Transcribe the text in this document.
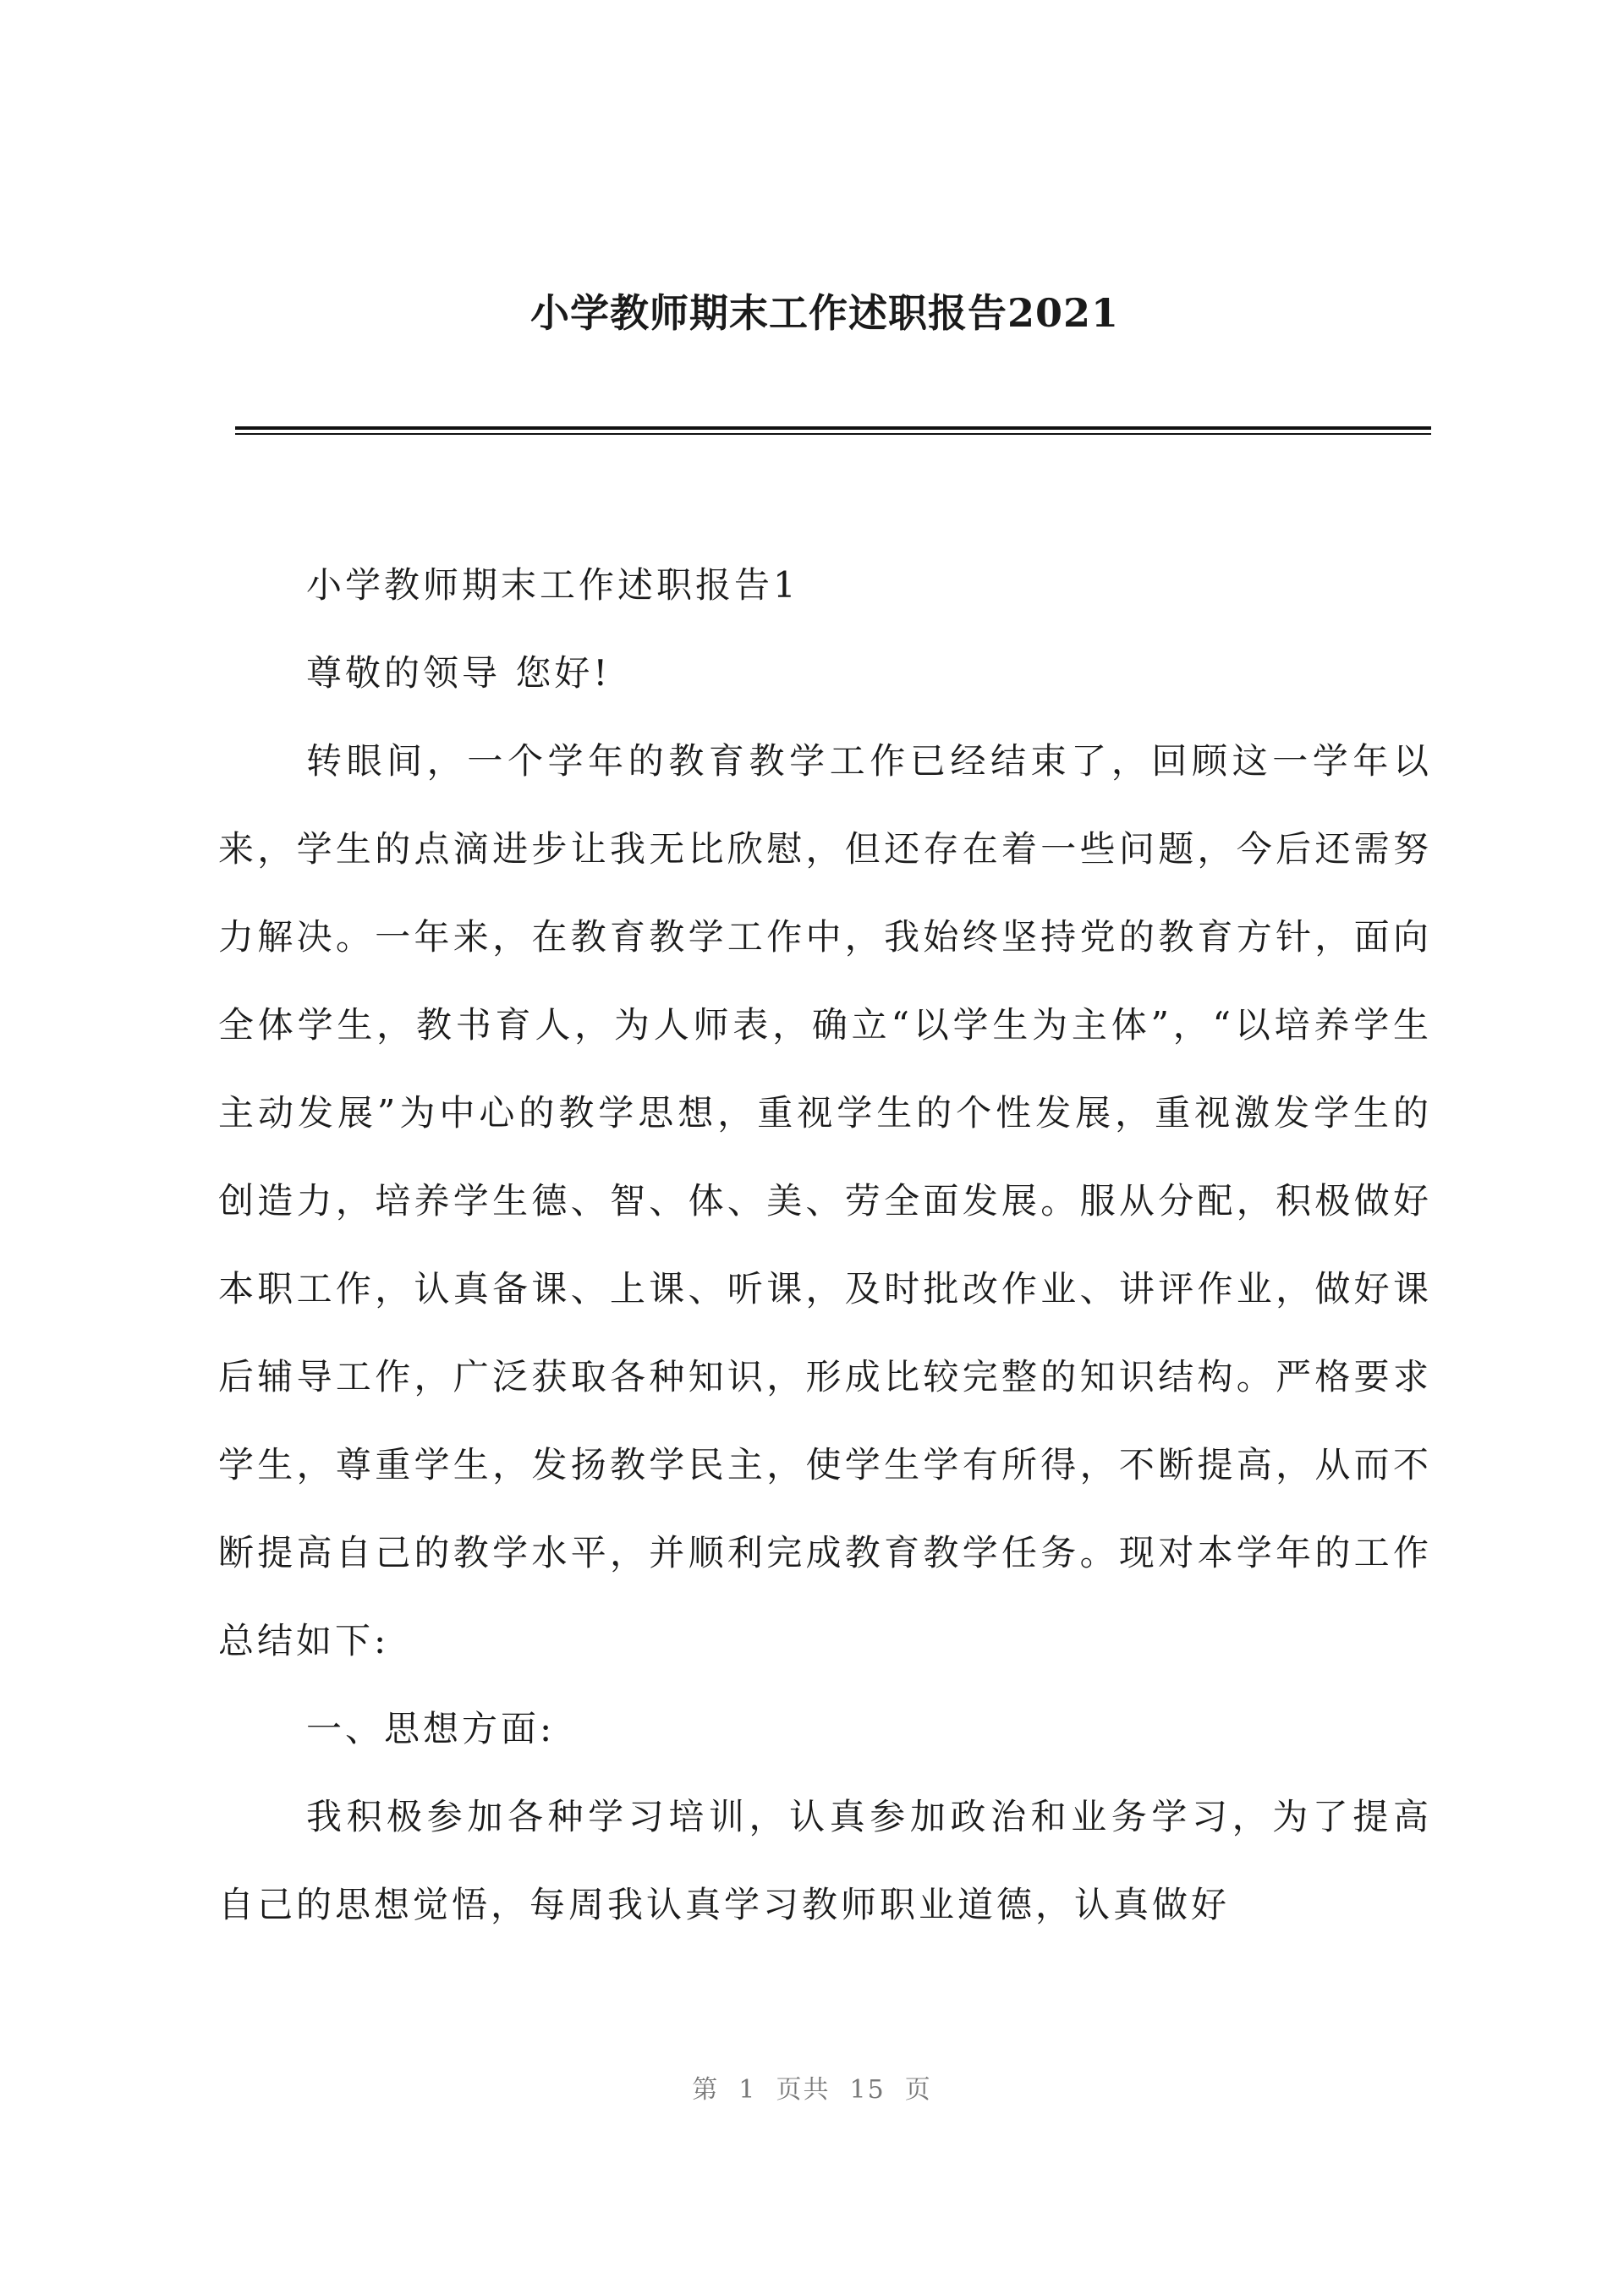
小学教师期末工作述职报告2021

小学教师期末工作述职报告1

尊敬的领导 您好!

转眼间，一个学年的教育教学工作已经结束了，回顾这一学年以来，学生的点滴进步让我无比欣慰，但还存在着一些问题，今后还需努力解决。一年来，在教育教学工作中，我始终坚持党的教育方针，面向全体学生，教书育人，为人师表，确立“以学生为主体”，“以培养学生主动发展”为中心的教学思想，重视学生的个性发展，重视激发学生的创造力，培养学生德、智、体、美、劳全面发展。服从分配，积极做好本职工作，认真备课、上课、听课，及时批改作业、讲评作业，做好课后辅导工作，广泛获取各种知识，形成比较完整的知识结构。严格要求学生，尊重学生，发扬教学民主，使学生学有所得，不断提高，从而不断提高自己的教学水平，并顺利完成教育教学任务。现对本学年的工作总结如下:

一、思想方面:

我积极参加各种学习培训，认真参加政治和业务学习，为了提高自己的思想觉悟，每周我认真学习教师职业道德，认真做好

第  1  页共  15  页
